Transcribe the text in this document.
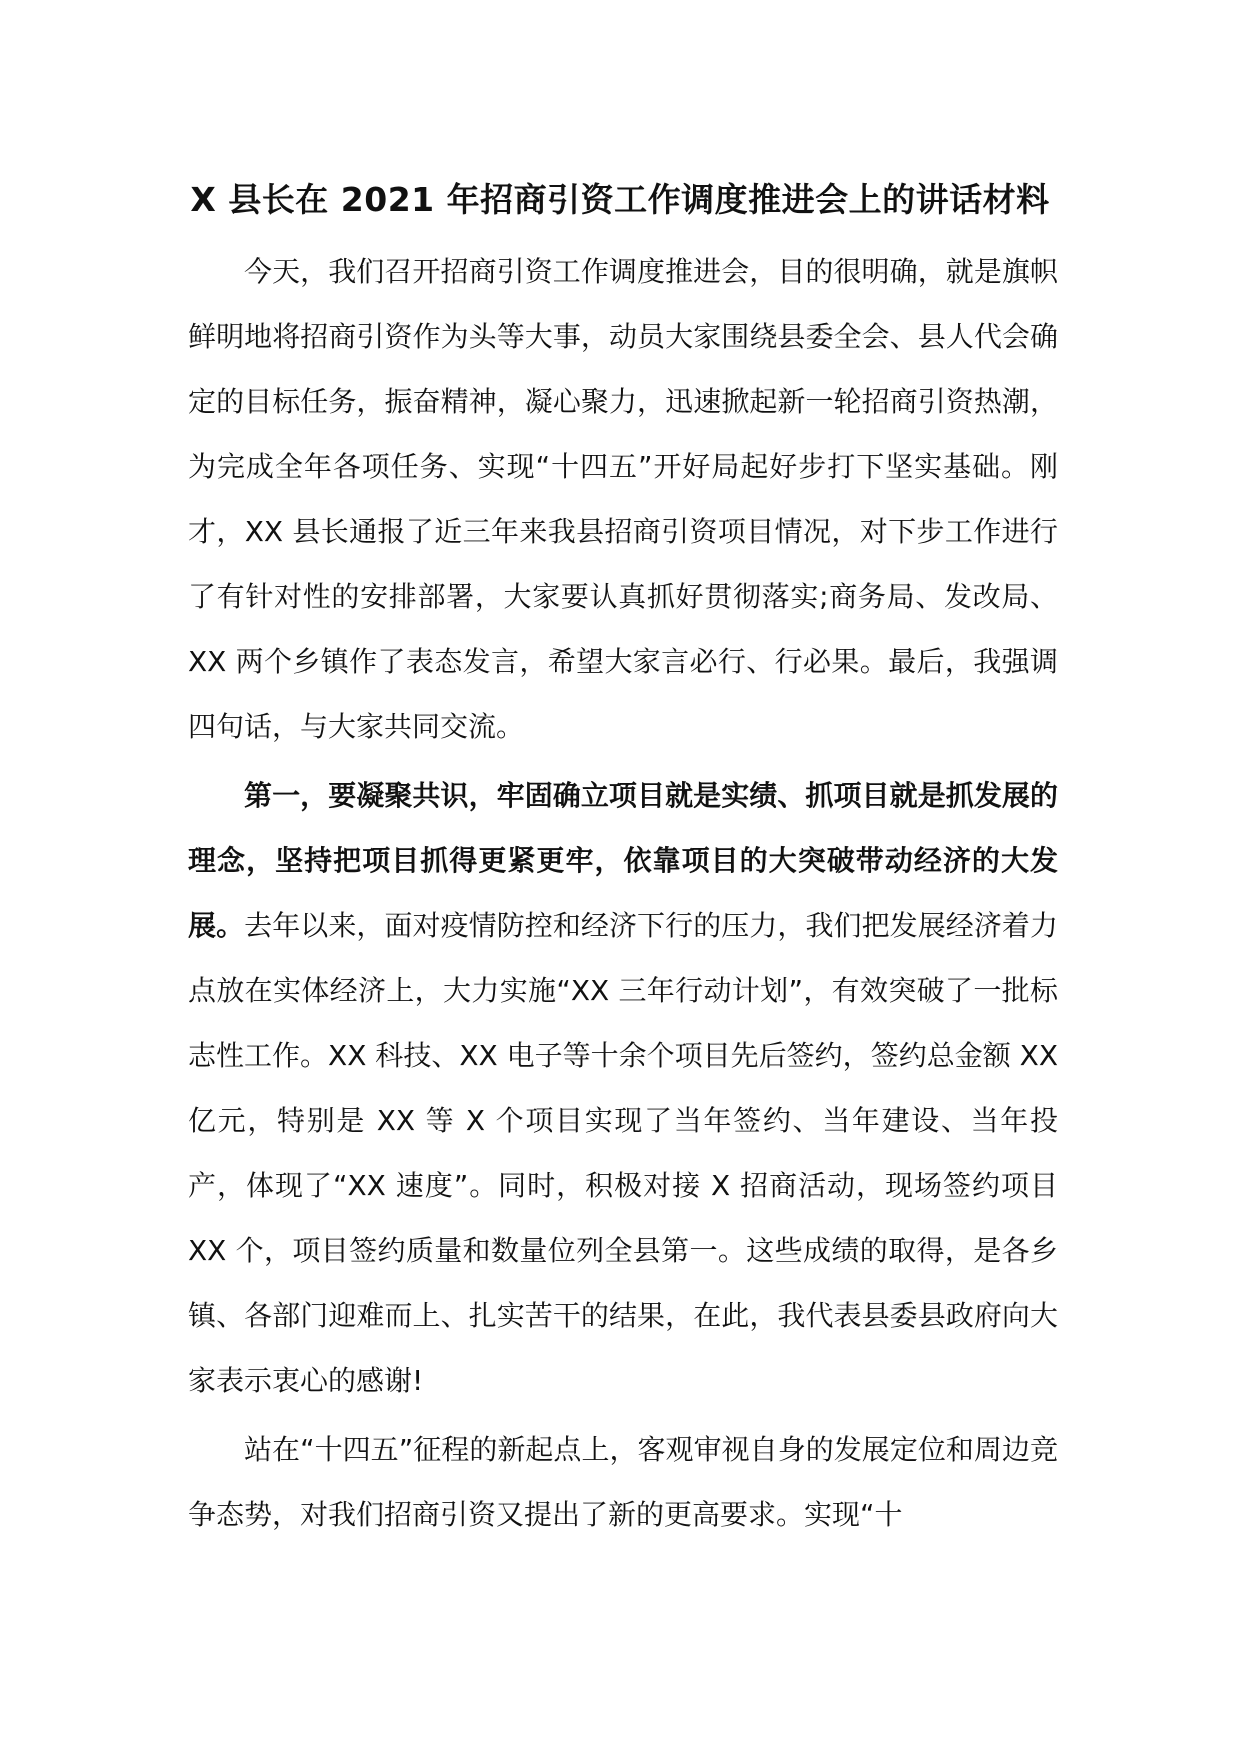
X 县长在 2021 年招商引资工作调度推进会上的讲话材料

今天，我们召开招商引资工作调度推进会，目的很明确，就是旗帜鲜明地将招商引资作为头等大事，动员大家围绕县委全会、县人代会确定的目标任务，振奋精神，凝心聚力，迅速掀起新一轮招商引资热潮，为完成全年各项任务、实现“十四五”开好局起好步打下坚实基础。刚才，XX 县长通报了近三年来我县招商引资项目情况，对下步工作进行了有针对性的安排部署，大家要认真抓好贯彻落实;商务局、发改局、XX 两个乡镇作了表态发言，希望大家言必行、行必果。最后，我强调四句话，与大家共同交流。

第一，要凝聚共识，牢固确立项目就是实绩、抓项目就是抓发展的理念，坚持把项目抓得更紧更牢，依靠项目的大突破带动经济的大发展。去年以来，面对疫情防控和经济下行的压力，我们把发展经济着力点放在实体经济上，大力实施“XX 三年行动计划”，有效突破了一批标志性工作。XX 科技、XX 电子等十余个项目先后签约，签约总金额 XX 亿元，特别是 XX 等 X 个项目实现了当年签约、当年建设、当年投产，体现了“XX 速度”。同时，积极对接 X 招商活动，现场签约项目 XX 个，项目签约质量和数量位列全县第一。这些成绩的取得，是各乡镇、各部门迎难而上、扎实苦干的结果，在此，我代表县委县政府向大家表示衷心的感谢!

站在“十四五”征程的新起点上，客观审视自身的发展定位和周边竞争态势，对我们招商引资又提出了新的更高要求。实现“十
